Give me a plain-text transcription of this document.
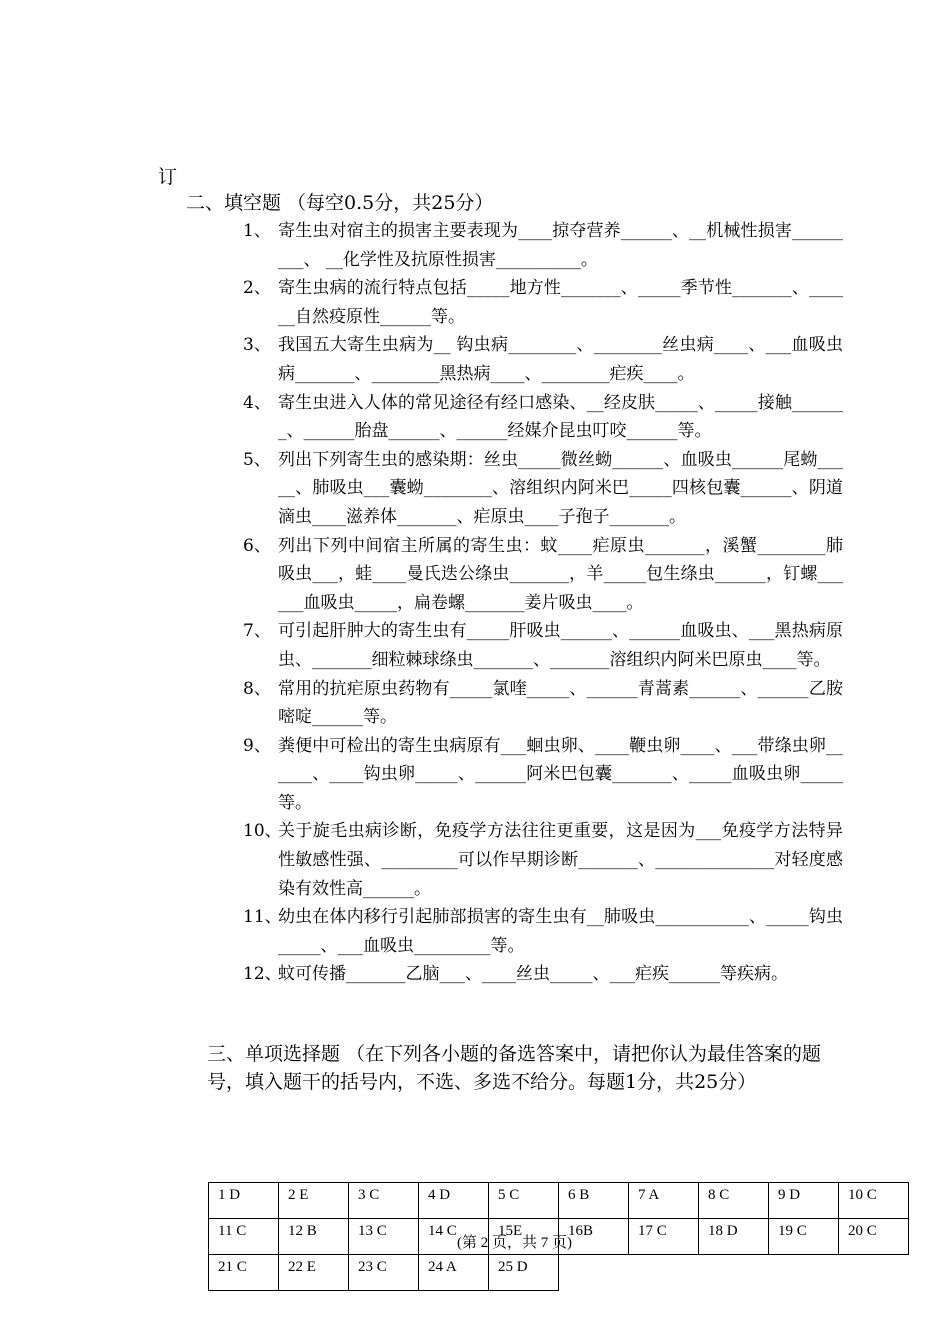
订
二、填空题 （每空0.5分，共25分）
1、 寄生虫对宿主的损害主要表现为____掠夺营养______、__机械性损害_________、 __化学性及抗原性损害__________。
2、 寄生虫病的流行特点包括_____地方性_______、_____季节性_______、______自然疫原性______等。
3、 我国五大寄生虫病为__ 钩虫病________、________丝虫病____、___血吸虫病_______、________黑热病____、________疟疾____。
4、 寄生虫进入人体的常见途径有经口感染、__经皮肤_____、_____接触_______、______胎盘______、______经媒介昆虫叮咬______等。
5、 列出下列寄生虫的感染期：丝虫_____微丝蚴______、血吸虫______尾蚴_____、肺吸虫___囊蚴________、溶组织内阿米巴_____四核包囊______、阴道滴虫____滋养体_______、疟原虫____子孢子_______。
6、 列出下列中间宿主所属的寄生虫：蚊____疟原虫_______，溪蟹________肺吸虫___，蛙____曼氏迭公绦虫_______，羊_____包生绦虫______，钉螺______血吸虫_____，扁卷螺_______姜片吸虫____。
7、 可引起肝肿大的寄生虫有_____肝吸虫______、______血吸虫、___黑热病原虫、_______细粒棘球绦虫_______、_______溶组织内阿米巴原虫____等。
8、 常用的抗疟原虫药物有_____氯喹_____、______青蒿素______、______乙胺嘧啶______等。
9、 粪便中可检出的寄生虫病原有___蛔虫卵、____鞭虫卵____、___带绦虫卵______、____钩虫卵_____、______阿米巴包囊_______、_____血吸虫卵_____等。
10、
关于旋毛虫病诊断，免疫学方法往往更重要，这是因为___免疫学方法特异性敏感性强、_________可以作早期诊断_______、______________对轻度感染有效性高______。
11、
幼虫在体内移行引起肺部损害的寄生虫有__肺吸虫___________、_____钩虫_____、___血吸虫_________等。
12、
蚊可传播_______乙脑___、____丝虫_____、___疟疾______等疾病。
三、单项选择题 （在下列各小题的备选答案中，请把你认为最佳答案的题号，填入题干的括号内，不选、多选不给分。每题1分，共25分）
1 D	2 E	3 C	4 D	5 C	6 B	7 A	8 C	9 D	10 C
11 C	12 B	13 C	14 C	15E	16B	17 C	18 D	19 C	20 C
21 C	22 E	23 C	24 A	25 D					
(第 2 页，共 7 页)
